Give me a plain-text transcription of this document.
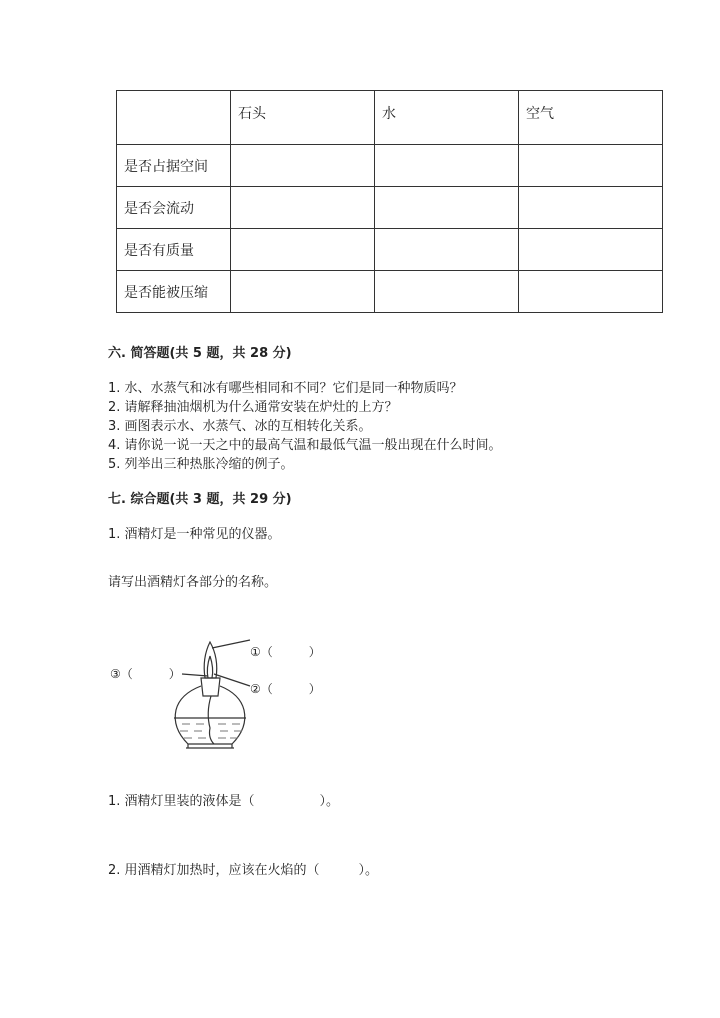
	石头	水	空气
是否占据空间			
是否会流动			
是否有质量			
是否能被压缩			
六. 简答题(共 5 题，共 28 分)
1. 水、水蒸气和冰有哪些相同和不同？它们是同一种物质吗？
2. 请解释抽油烟机为什么通常安装在炉灶的上方？
3. 画图表示水、水蒸气、冰的互相转化关系。
4. 请你说一说一天之中的最高气温和最低气温一般出现在什么时间。
5. 列举出三种热胀冷缩的例子。
七. 综合题(共 3 题，共 29 分)
1. 酒精灯是一种常见的仪器。
请写出酒精灯各部分的名称。
①（　　　）
②（　　　）
③（　　　）
1. 酒精灯里装的液体是（　　　　　）。
2. 用酒精灯加热时，应该在火焰的（　　　）。
